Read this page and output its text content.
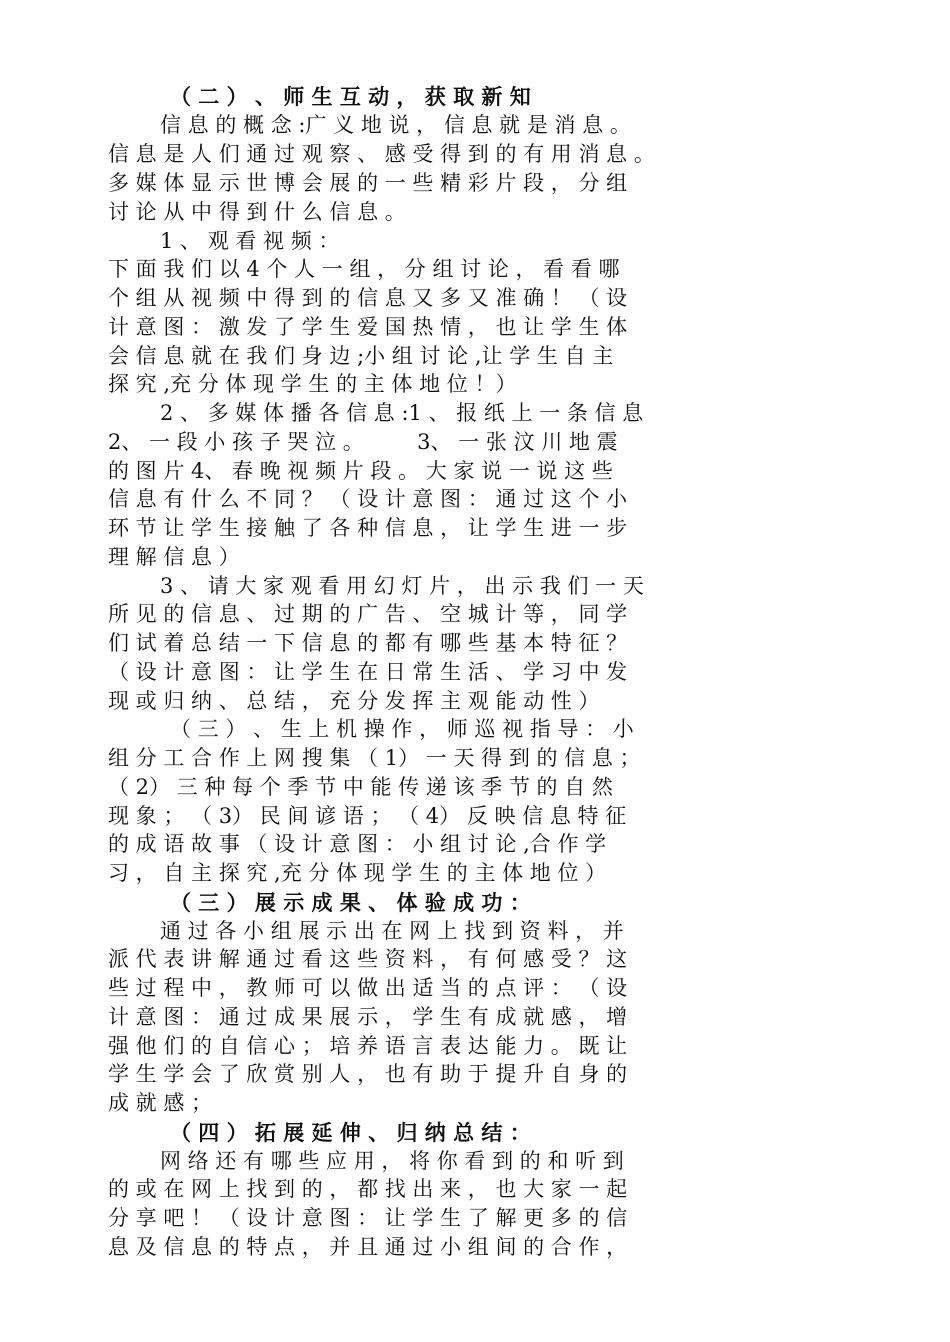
（ 二 ） 、 师 生 互 动 ， 获 取 新 知
信 息 的 概 念 :广 义 地 说 ， 信 息 就 是 消 息 。
信 息 是 人 们 通 过 观 察 、 感 受 得 到 的 有 用 消 息 。
多 媒 体 显 示 世 博 会 展 的 一 些 精 彩 片 段 ， 分 组
讨 论 从 中 得 到 什 么 信 息 。
1 、 观 看 视 频 ：
下 面 我 们 以 4 个 人 一 组 ， 分 组 讨 论 ， 看 看 哪
个 组 从 视 频 中 得 到 的 信 息 又 多 又 准 确 ！ （ 设
计 意 图 ： 激 发 了 学 生 爱 国 热 情 ， 也 让 学 生 体
会 信 息 就 在 我 们 身 边 ;小 组 讨 论 ,让 学 生 自 主
探 究 ,充 分 体 现 学 生 的 主 体 地 位 ！）
2 、 多 媒 体 播 各 信 息 :1 、 报 纸 上 一 条 信 息
2、 一 段 小 孩 子 哭 泣 。        3、 一 张 汶 川 地 震
的 图 片 4、 春 晚 视 频 片 段 。 大 家 说 一 说 这 些
信 息 有 什 么 不 同 ？ （ 设 计 意 图 ： 通 过 这 个 小
环 节 让 学 生 接 触 了 各 种 信 息 ， 让 学 生 进 一 步
理 解 信 息 ）
3 、 请 大 家 观 看 用 幻 灯 片 ， 出 示 我 们 一 天
所 见 的 信 息 、 过 期 的 广 告 、 空 城 计 等 ， 同 学
们 试 着 总 结 一 下 信 息 的 都 有 哪 些 基 本 特 征 ？
（ 设 计 意 图 ： 让 学 生 在 日 常 生 活 、 学 习 中 发
现 或 归 纳 、 总 结 ， 充 分 发 挥 主 观 能 动 性 ）
（ 三 ） 、 生 上 机 操 作 ， 师 巡 视 指 导 ： 小
组 分 工 合 作 上 网 搜 集 （ 1） 一 天 得 到 的 信 息 ；
（ 2） 三 种 每 个 季 节 中 能 传 递 该 季 节 的 自 然
现 象 ； （ 3） 民 间 谚 语 ； （ 4） 反 映 信 息 特 征
的 成 语 故 事 （ 设 计 意 图 ： 小 组 讨 论 ,合 作 学
习 ， 自 主 探 究 ,充 分 体 现 学 生 的 主 体 地 位 ）
（ 三 ） 展 示 成 果 、 体 验 成 功 ：
通 过 各 小 组 展 示 出 在 网 上 找 到 资 料 ， 并
派 代 表 讲 解 通 过 看 这 些 资 料 ， 有 何 感 受 ？ 这
些 过 程 中 ， 教 师 可 以 做 出 适 当 的 点 评 ： （ 设
计 意 图 ： 通 过 成 果 展 示 ， 学 生 有 成 就 感 ， 增
强 他 们 的 自 信 心 ； 培 养 语 言 表 达 能 力 。 既 让
学 生 学 会 了 欣 赏 别 人 ， 也 有 助 于 提 升 自 身 的
成 就 感 ；
（ 四 ） 拓 展 延 伸 、 归 纳 总 结 ：
网 络 还 有 哪 些 应 用 ， 将 你 看 到 的 和 听 到
的 或 在 网 上 找 到 的 ， 都 找 出 来 ， 也 大 家 一 起
分 享 吧 ！ （ 设 计 意 图 ： 让 学 生 了 解 更 多 的 信
息 及 信 息 的 特 点 ， 并 且 通 过 小 组 间 的 合 作 ，
